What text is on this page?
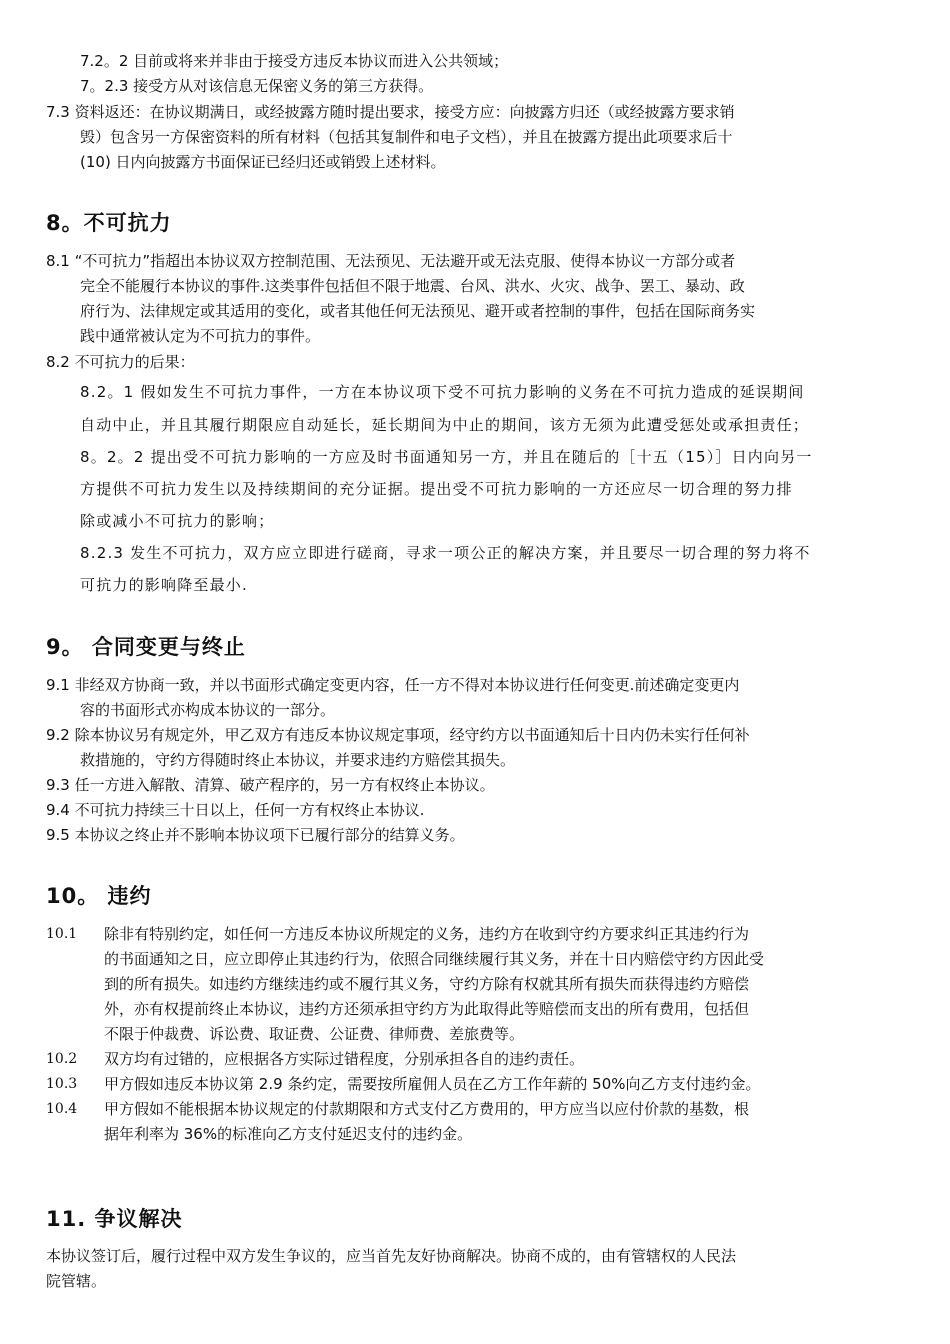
7.2。2 目前或将来并非由于接受方违反本协议而进入公共领域；
7。2.3 接受方从对该信息无保密义务的第三方获得。
7.3 资料返还：在协议期满日，或经披露方随时提出要求，接受方应：向披露方归还（或经披露方要求销
毁）包含另一方保密资料的所有材料（包括其复制件和电子文档），并且在披露方提出此项要求后十
(10) 日内向披露方书面保证已经归还或销毁上述材料。
8。不可抗力
8.1 “不可抗力”指超出本协议双方控制范围、无法预见、无法避开或无法克服、使得本协议一方部分或者
完全不能履行本协议的事件.这类事件包括但不限于地震、台风、洪水、火灾、战争、罢工、暴动、政
府行为、法律规定或其适用的变化，或者其他任何无法预见、避开或者控制的事件，包括在国际商务实
践中通常被认定为不可抗力的事件。
8.2 不可抗力的后果：
8.2。1 假如发生不可抗力事件，一方在本协议项下受不可抗力影响的义务在不可抗力造成的延误期间
自动中止，并且其履行期限应自动延长，延长期间为中止的期间，该方无须为此遭受惩处或承担责任；
8。2。2 提出受不可抗力影响的一方应及时书面通知另一方，并且在随后的［十五（15）］日内向另一
方提供不可抗力发生以及持续期间的充分证据。提出受不可抗力影响的一方还应尽一切合理的努力排
除或减小不可抗力的影响；
8.2.3 发生不可抗力，双方应立即进行磋商，寻求一项公正的解决方案，并且要尽一切合理的努力将不
可抗力的影响降至最小.
9。 合同变更与终止
9.1 非经双方协商一致，并以书面形式确定变更内容，任一方不得对本协议进行任何变更.前述确定变更内
容的书面形式亦构成本协议的一部分。
9.2 除本协议另有规定外，甲乙双方有违反本协议规定事项，经守约方以书面通知后十日内仍未实行任何补
救措施的，守约方得随时终止本协议，并要求违约方赔偿其损失。
9.3 任一方进入解散、清算、破产程序的，另一方有权终止本协议。
9.4 不可抗力持续三十日以上，任何一方有权终止本协议.
9.5 本协议之终止并不影响本协议项下已履行部分的结算义务。
10。 违约
10.1 除非有特别约定，如任何一方违反本协议所规定的义务，违约方在收到守约方要求纠正其违约行为
的书面通知之日，应立即停止其违约行为，依照合同继续履行其义务，并在十日内赔偿守约方因此受
到的所有损失。如违约方继续违约或不履行其义务，守约方除有权就其所有损失而获得违约方赔偿
外，亦有权提前终止本协议，违约方还须承担守约方为此取得此等赔偿而支出的所有费用，包括但
不限于仲裁费、诉讼费、取证费、公证费、律师费、差旅费等。
10.2 双方均有过错的，应根据各方实际过错程度，分别承担各自的违约责任。
10.3 甲方假如违反本协议第 2.9 条约定，需要按所雇佣人员在乙方工作年薪的 50%向乙方支付违约金。
10.4 甲方假如不能根据本协议规定的付款期限和方式支付乙方费用的，甲方应当以应付价款的基数，根
据年利率为 36%的标准向乙方支付延迟支付的违约金。
11. 争议解决
本协议签订后，履行过程中双方发生争议的，应当首先友好协商解决。协商不成的，由有管辖权的人民法
院管辖。
